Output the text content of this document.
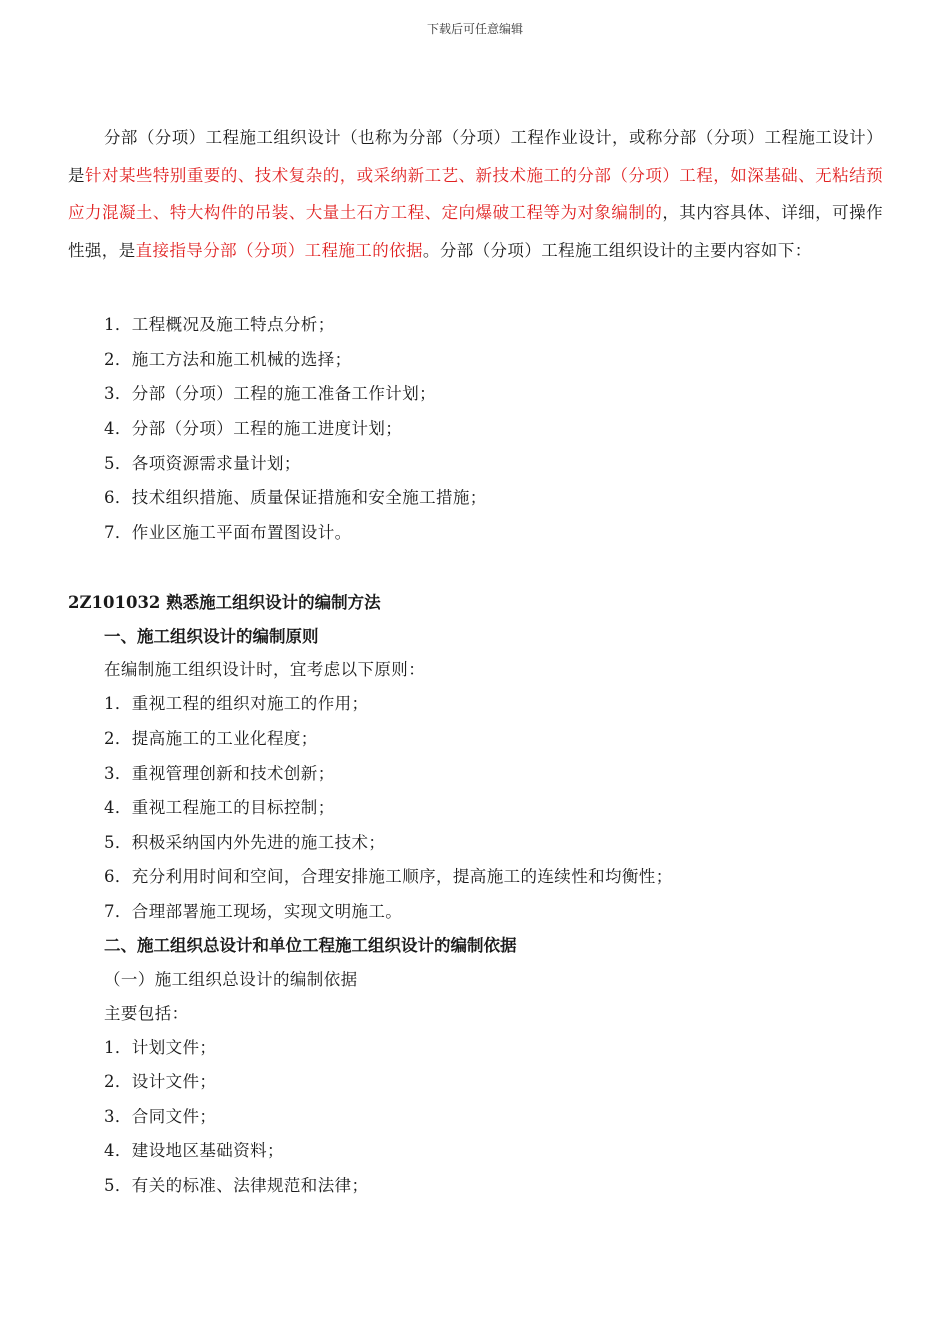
下载后可任意编辑
分部（分项）工程施工组织设计（也称为分部（分项）工程作业设计，或称分部（分项）工程施工设计）是针对某些特别重要的、技术复杂的，或采纳新工艺、新技术施工的分部（分项）工程，如深基础、无粘结预应力混凝土、特大构件的吊装、大量土石方工程、定向爆破工程等为对象编制的，其内容具体、详细，可操作性强，是直接指导分部（分项）工程施工的依据。分部（分项）工程施工组织设计的主要内容如下：
1．工程概况及施工特点分析；
2．施工方法和施工机械的选择；
3．分部（分项）工程的施工准备工作计划；
4．分部（分项）工程的施工进度计划；
5．各项资源需求量计划；
6．技术组织措施、质量保证措施和安全施工措施；
7．作业区施工平面布置图设计。
2Z101032 熟悉施工组织设计的编制方法
一、施工组织设计的编制原则
在编制施工组织设计时，宜考虑以下原则：
1．重视工程的组织对施工的作用；
2．提高施工的工业化程度；
3．重视管理创新和技术创新；
4．重视工程施工的目标控制；
5．积极采纳国内外先进的施工技术；
6．充分利用时间和空间，合理安排施工顺序，提高施工的连续性和均衡性；
7．合理部署施工现场，实现文明施工。
二、施工组织总设计和单位工程施工组织设计的编制依据
（一）施工组织总设计的编制依据
主要包括：
1．计划文件；
2．设计文件；
3．合同文件；
4．建设地区基础资料；
5．有关的标准、法律规范和法律；
